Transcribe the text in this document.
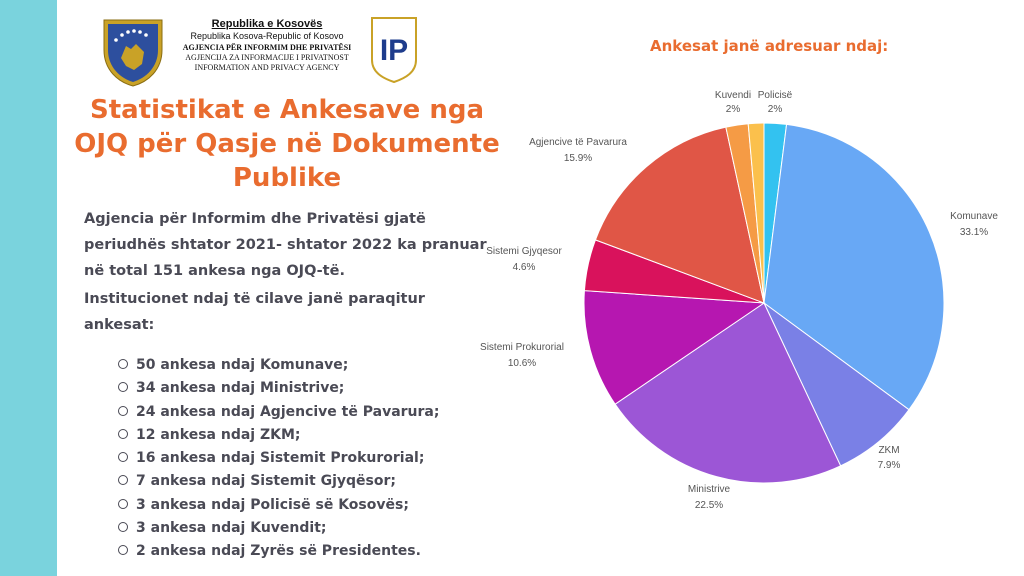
Republika e Kosovës
Republika Kosova-Republic of Kosovo
AGJENCIA PËR INFORMIM DHE PRIVATËSI
AGJENCIJA ZA INFORMACIJE I PRIVATNOST
INFORMATION AND PRIVACY AGENCY
IP
Statistikat e Ankesave nga OJQ për Qasje në Dokumente Publike
Agjencia për Informim dhe Privatësi gjatë periudhës shtator 2021- shtator 2022 ka pranuar në total 151 ankesa nga OJQ-të.
Institucionet ndaj të cilave janë paraqitur ankesat:
50 ankesa ndaj Komunave;
34 ankesa ndaj Ministrive;
24 ankesa ndaj Agjencive të Pavarura;
12 ankesa ndaj ZKM;
16 ankesa ndaj Sistemit Prokurorial;
7 ankesa ndaj Sistemit Gjyqësor;
3 ankesa ndaj Policisë së Kosovës;
3 ankesa ndaj Kuvendit;
2 ankesa ndaj Zyrës së Presidentes.
Ankesat janë adresuar ndaj:
Policisë
2%
Komunave
33.1%
ZKM
7.9%
Ministrive
22.5%
Sistemi Prokurorial
10.6%
Sistemi Gjyqesor
4.6%
Agjencive të Pavarura
15.9%
Kuvendi
2%
